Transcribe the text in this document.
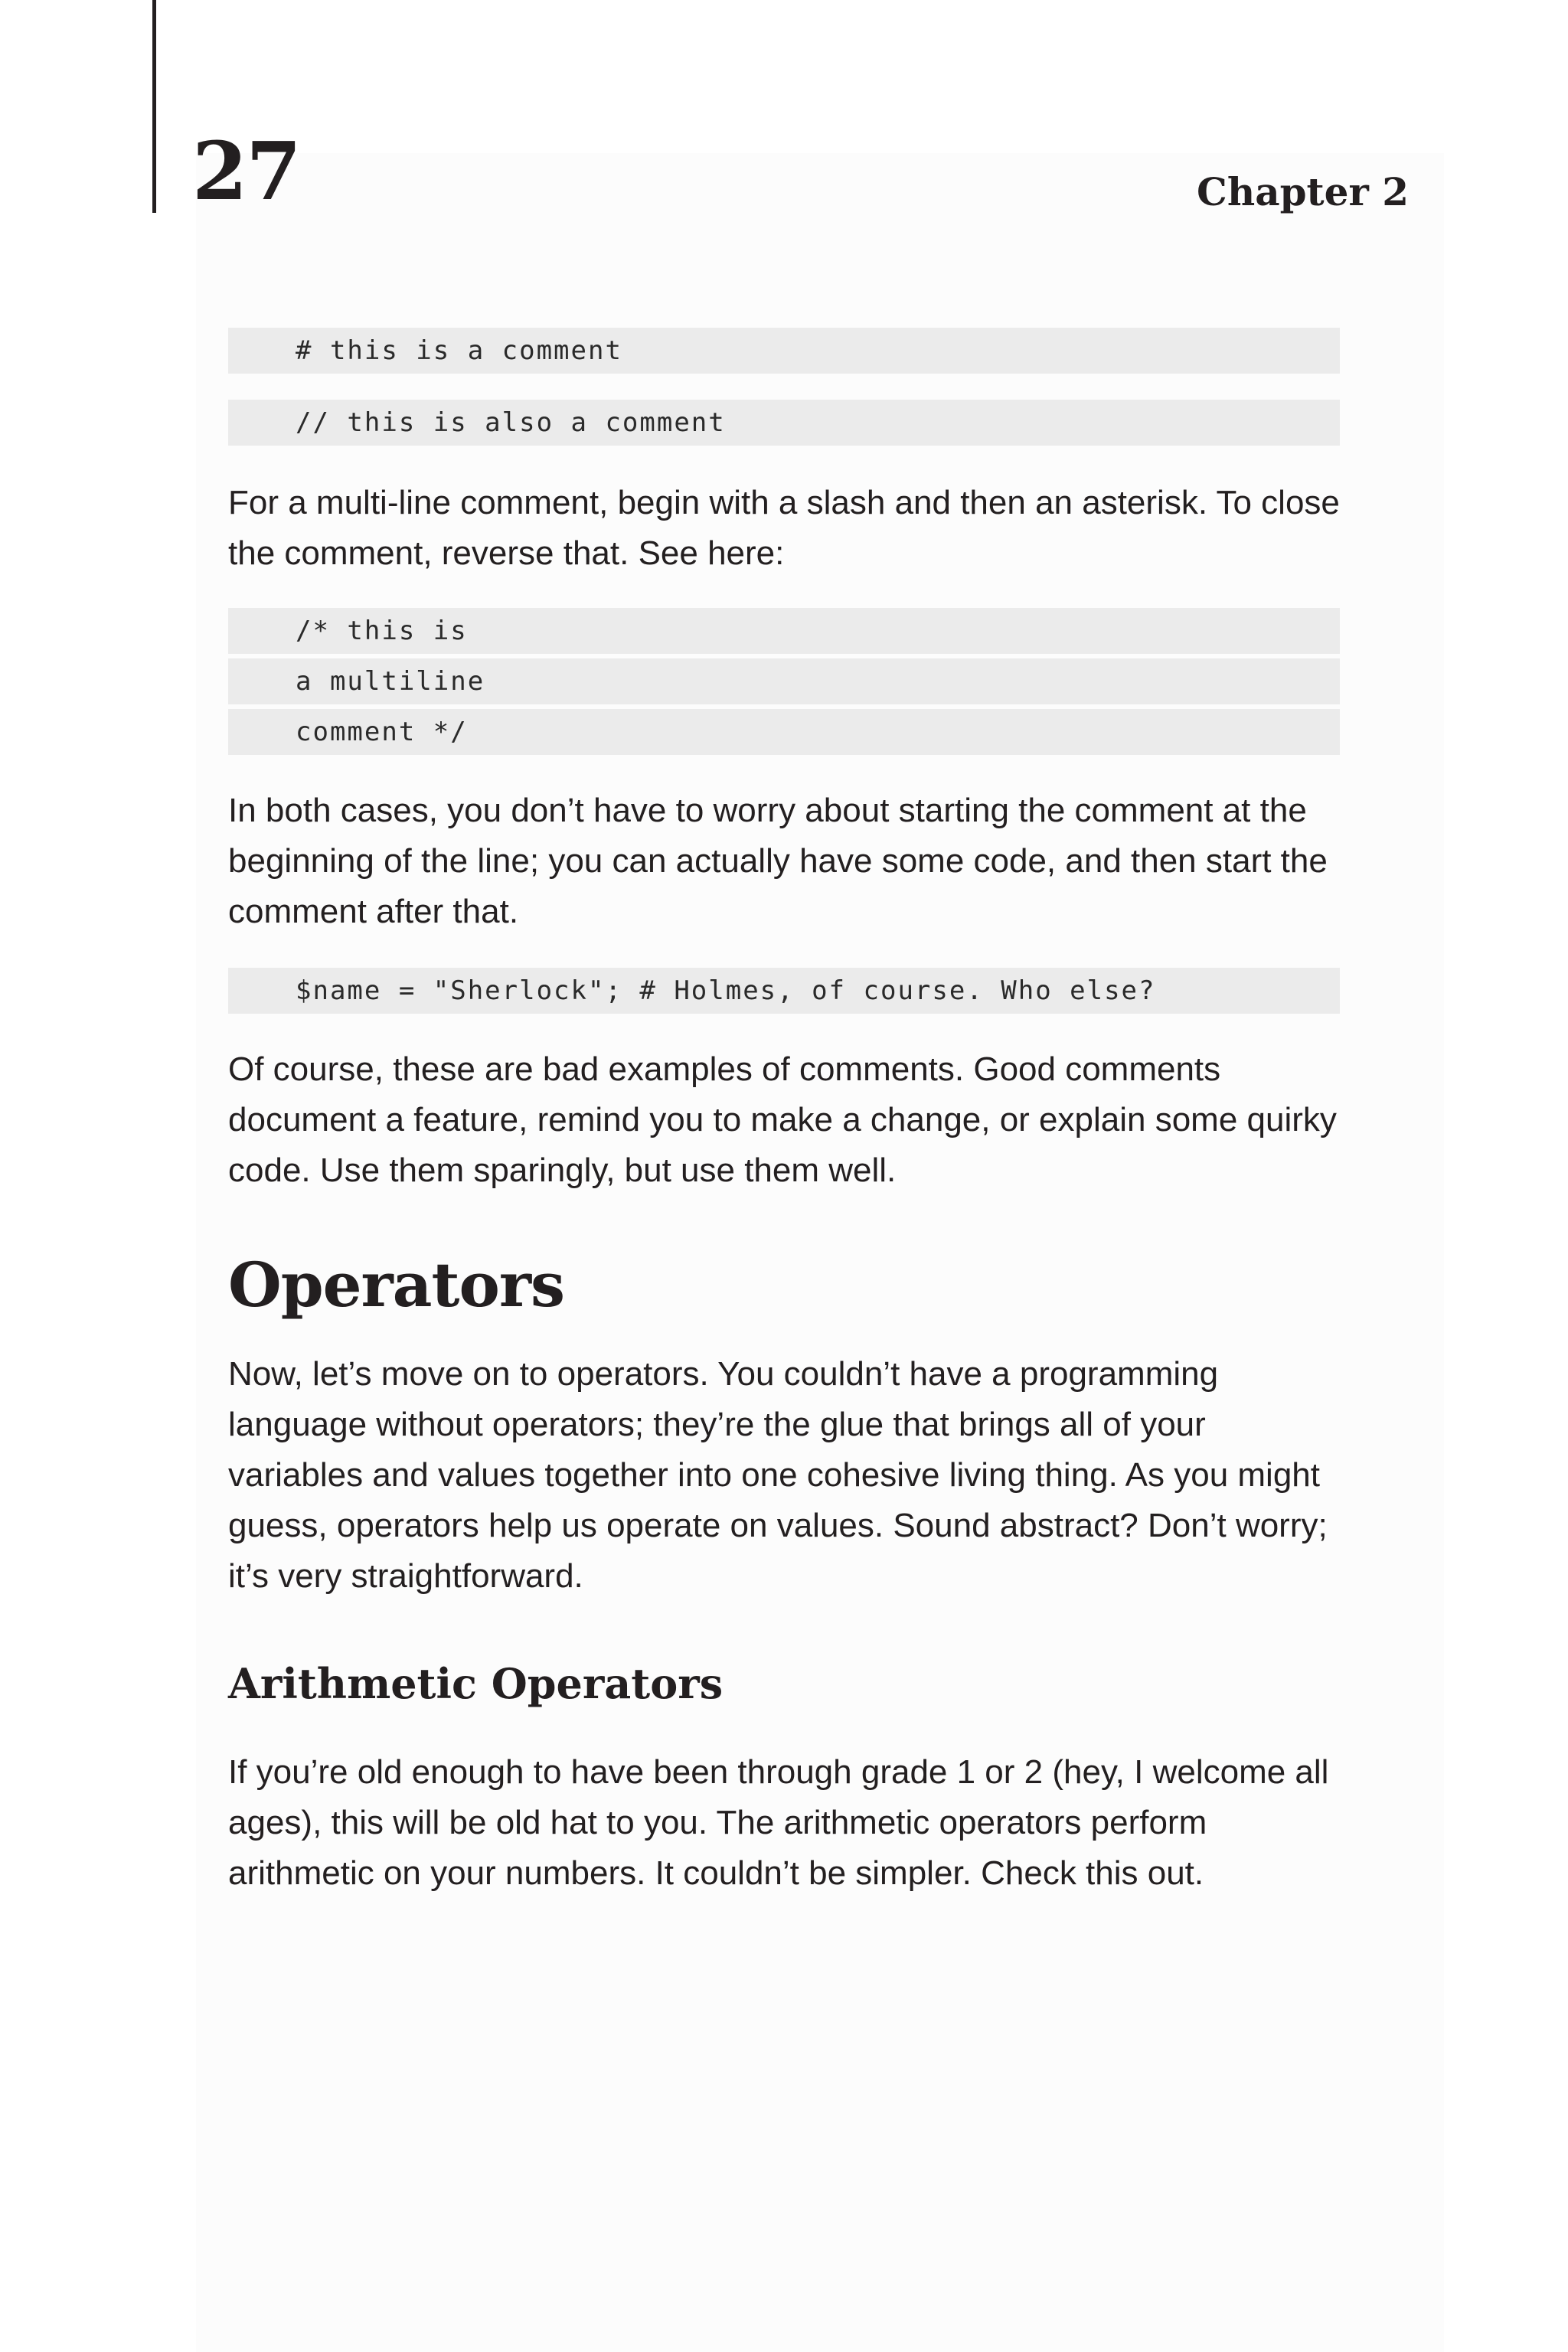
27	Chapter 2
# this is a comment
// this is also a comment

For a multi-line comment, begin with a slash and then an asterisk. To close the comment, reverse that. See here:

/* this is
a multiline
comment */

In both cases, you don’t have to worry about starting the comment at the beginning of the line; you can actually have some code, and then start the comment after that.

$name = "Sherlock"; # Holmes, of course. Who else?

Of course, these are bad examples of comments. Good comments document a feature, remind you to make a change, or explain some quirky code. Use them sparingly, but use them well.

Operators

Now, let’s move on to operators. You couldn’t have a programming language without operators; they’re the glue that brings all of your variables and values together into one cohesive living thing. As you might guess, operators help us operate on values. Sound abstract? Don’t worry; it’s very straightforward.

Arithmetic Operators

If you’re old enough to have been through grade 1 or 2 (hey, I welcome all ages), this will be old hat to you. The arithmetic operators perform arithmetic on your numbers. It couldn’t be simpler. Check this out.
